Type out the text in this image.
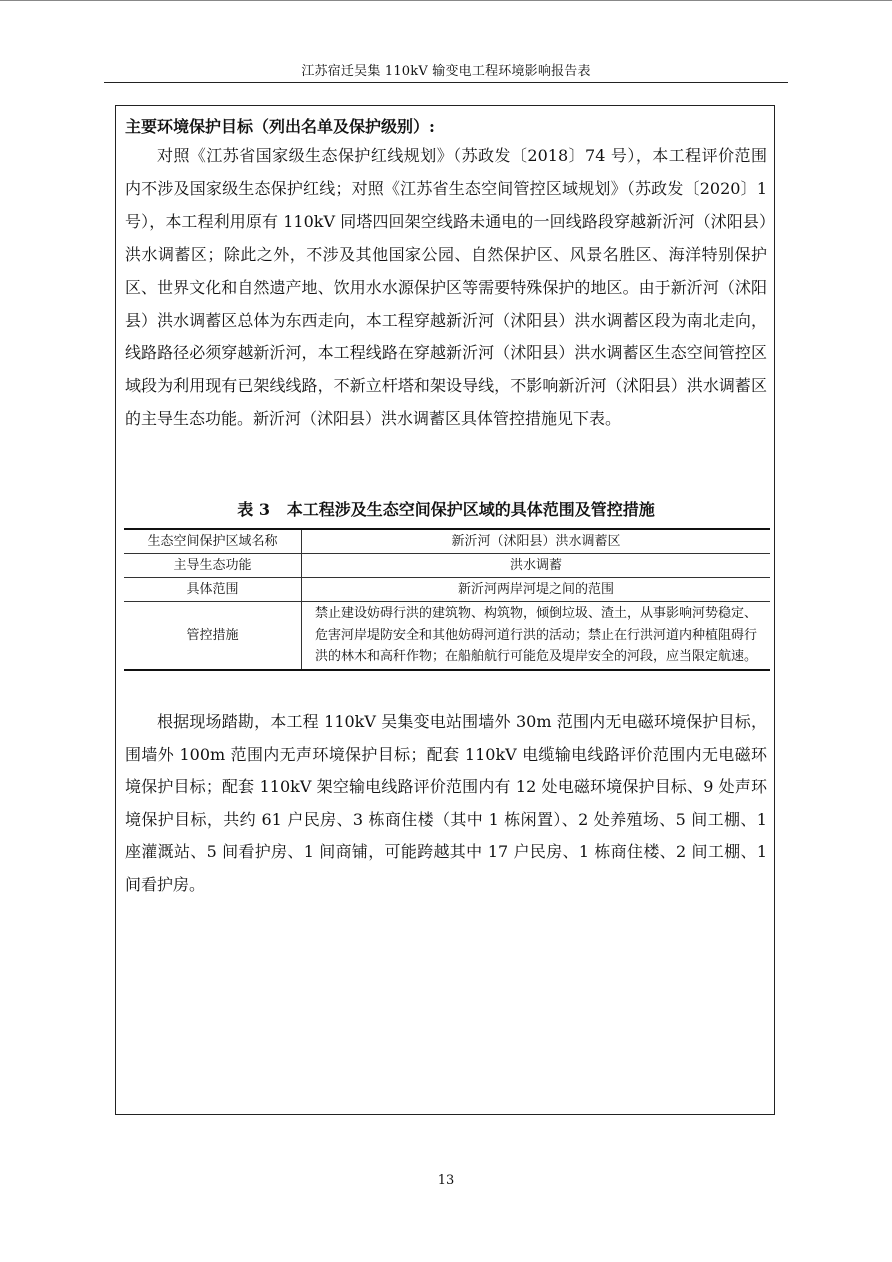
江苏宿迁吴集 110kV 输变电工程环境影响报告表
主要环境保护目标（列出名单及保护级别）:

对照《江苏省国家级生态保护红线规划》（苏政发〔2018〕74 号），本工程评价范围内不涉及国家级生态保护红线；对照《江苏省生态空间管控区域规划》（苏政发〔2020〕1 号），本工程利用原有 110kV 同塔四回架空线路未通电的一回线路段穿越新沂河（沭阳县）洪水调蓄区；除此之外，不涉及其他国家公园、自然保护区、风景名胜区、海洋特别保护区、世界文化和自然遗产地、饮用水水源保护区等需要特殊保护的地区。由于新沂河（沭阳县）洪水调蓄区总体为东西走向，本工程穿越新沂河（沭阳县）洪水调蓄区段为南北走向，线路路径必须穿越新沂河，本工程线路在穿越新沂河（沭阳县）洪水调蓄区生态空间管控区域段为利用现有已架线线路，不新立杆塔和架设导线，不影响新沂河（沭阳县）洪水调蓄区的主导生态功能。新沂河（沭阳县）洪水调蓄区具体管控措施见下表。

表 3   本工程涉及生态空间保护区域的具体范围及管控措施
生态空间保护区域名称	新沂河（沭阳县）洪水调蓄区
主导生态功能	洪水调蓄
具体范围	新沂河两岸河堤之间的范围
管控措施	禁止建设妨碍行洪的建筑物、构筑物，倾倒垃圾、渣土，从事影响河势稳定、危害河岸堤防安全和其他妨碍河道行洪的活动；禁止在行洪河道内种植阻碍行洪的林木和高秆作物；在船舶航行可能危及堤岸安全的河段，应当限定航速。

根据现场踏勘，本工程 110kV 吴集变电站围墙外 30m 范围内无电磁环境保护目标，围墙外 100m 范围内无声环境保护目标；配套 110kV 电缆输电线路评价范围内无电磁环境保护目标；配套 110kV 架空输电线路评价范围内有 12 处电磁环境保护目标、9 处声环境保护目标，共约 61 户民房、3 栋商住楼（其中 1 栋闲置）、2 处养殖场、5 间工棚、1 座灌溉站、5 间看护房、1 间商铺，可能跨越其中 17 户民房、1 栋商住楼、2 间工棚、1 间看护房。

13
